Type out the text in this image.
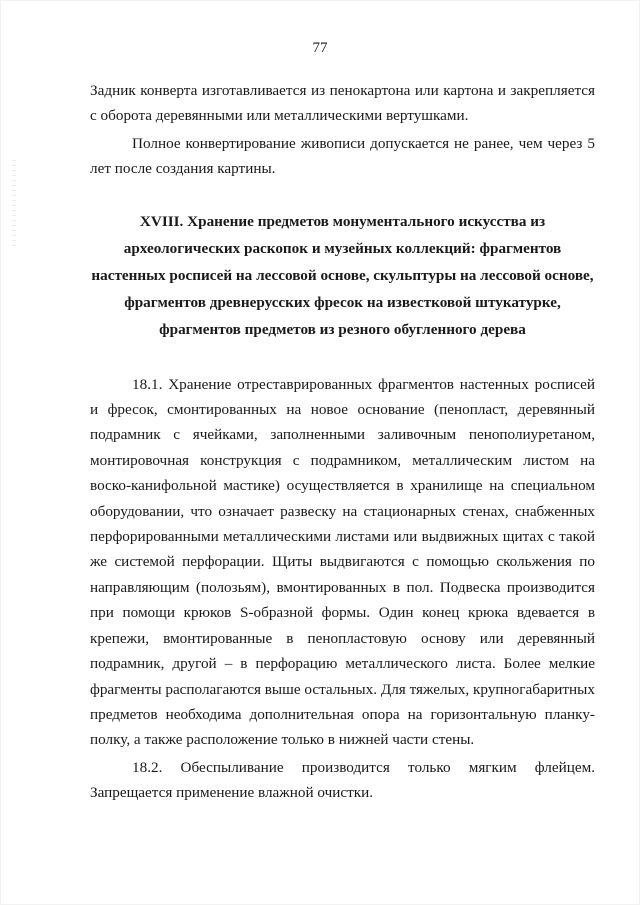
77

Задник конверта изготавливается из пенокартона или картона и закрепляется с оборота деревянными или металлическими вертушками.

Полное конвертирование живописи допускается не ранее, чем через 5 лет после создания картины.

XVIII. Хранение предметов монументального искусства из археологических раскопок и музейных коллекций: фрагментов настенных росписей на лессовой основе, скульптуры на лессовой основе, фрагментов древнерусских фресок на известковой штукатурке, фрагментов предметов из резного обугленного дерева

18.1. Хранение отреставрированных фрагментов настенных росписей и фресок, смонтированных на новое основание (пенопласт, деревянный подрамник с ячейками, заполненными заливочным пенополиуретаном, монтировочная конструкция с подрамником, металлическим листом на воско-канифольной мастике) осуществляется в хранилище на специальном оборудовании, что означает развеску на стационарных стенах, снабженных перфорированными металлическими листами или выдвижных щитах с такой же системой перфорации. Щиты выдвигаются с помощью скольжения по направляющим (полозьям), вмонтированных в пол. Подвеска производится при помощи крюков S-образной формы. Один конец крюка вдевается в крепежи, вмонтированные в пенопластовую основу или деревянный подрамник, другой – в перфорацию металлического листа. Более мелкие фрагменты располагаются выше остальных. Для тяжелых, крупногабаритных предметов необходима дополнительная опора на горизонтальную планку-полку, а также расположение только в нижней части стены.

18.2. Обеспыливание производится только мягким флейцем. Запрещается применение влажной очистки.
